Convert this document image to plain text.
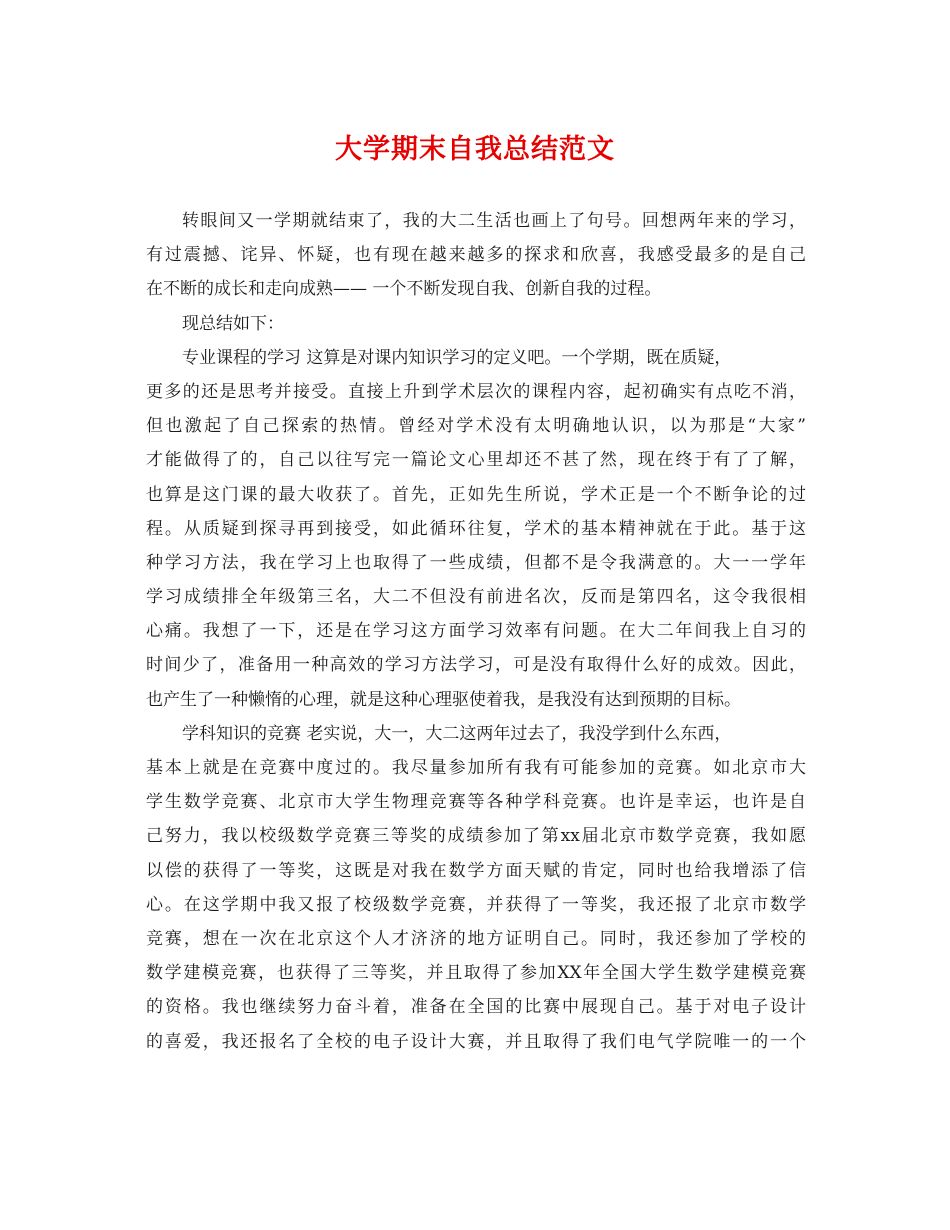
大学期末自我总结范文
转眼间又一学期就结束了，我的大二生活也画上了句号。回想两年来的学习，
有过震撼、诧异、怀疑，也有现在越来越多的探求和欣喜，我感受最多的是自己
在不断的成长和走向成熟—— 一个不断发现自我、创新自我的过程。
现总结如下：
专业课程的学习 这算是对课内知识学习的定义吧。一个学期，既在质疑，
更多的还是思考并接受。直接上升到学术层次的课程内容，起初确实有点吃不消，
但也激起了自己探索的热情。曾经对学术没有太明确地认识，以为那是“大家”
才能做得了的，自己以往写完一篇论文心里却还不甚了然，现在终于有了了解，
也算是这门课的最大收获了。首先，正如先生所说，学术正是一个不断争论的过
程。从质疑到探寻再到接受，如此循环往复，学术的基本精神就在于此。基于这
种学习方法，我在学习上也取得了一些成绩，但都不是令我满意的。大一一学年
学习成绩排全年级第三名，大二不但没有前进名次，反而是第四名，这令我很相
心痛。我想了一下，还是在学习这方面学习效率有问题。在大二年间我上自习的
时间少了，准备用一种高效的学习方法学习，可是没有取得什么好的成效。因此，
也产生了一种懒惰的心理，就是这种心理驱使着我，是我没有达到预期的目标。
学科知识的竞赛 老实说，大一，大二这两年过去了，我没学到什么东西，
基本上就是在竞赛中度过的。我尽量参加所有我有可能参加的竞赛。如北京市大
学生数学竞赛、北京市大学生物理竞赛等各种学科竞赛。也许是幸运，也许是自
己努力，我以校级数学竞赛三等奖的成绩参加了第xx届北京市数学竞赛，我如愿
以偿的获得了一等奖，这既是对我在数学方面天赋的肯定，同时也给我增添了信
心。在这学期中我又报了校级数学竞赛，并获得了一等奖，我还报了北京市数学
竞赛，想在一次在北京这个人才济济的地方证明自己。同时，我还参加了学校的
数学建模竞赛，也获得了三等奖，并且取得了参加XX年全国大学生数学建模竞赛
的资格。我也继续努力奋斗着，准备在全国的比赛中展现自己。基于对电子设计
的喜爱，我还报名了全校的电子设计大赛，并且取得了我们电气学院唯一的一个
